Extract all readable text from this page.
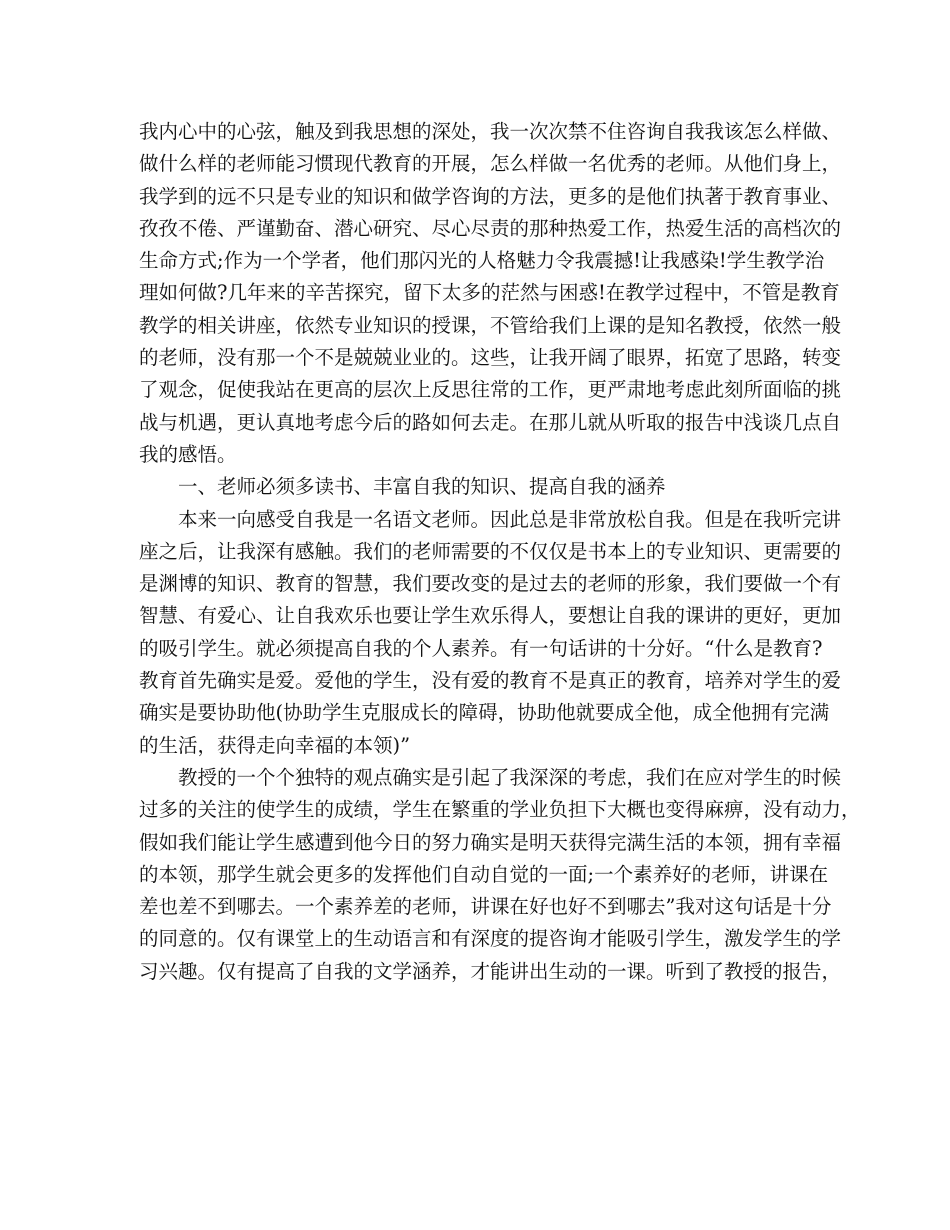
我内心中的心弦，触及到我思想的深处，我一次次禁不住咨询自我我该怎么样做、
做什么样的老师能习惯现代教育的开展，怎么样做一名优秀的老师。从他们身上，
我学到的远不只是专业的知识和做学咨询的方法，更多的是他们执著于教育事业、
孜孜不倦、严谨勤奋、潜心研究、尽心尽责的那种热爱工作，热爱生活的高档次的
生命方式;作为一个学者，他们那闪光的人格魅力令我震撼!让我感染!学生教学治
理如何做?几年来的辛苦探究，留下太多的茫然与困惑!在教学过程中，不管是教育
教学的相关讲座，依然专业知识的授课，不管给我们上课的是知名教授，依然一般
的老师，没有那一个不是兢兢业业的。这些，让我开阔了眼界，拓宽了思路，转变
了观念，促使我站在更高的层次上反思往常的工作，更严肃地考虑此刻所面临的挑
战与机遇，更认真地考虑今后的路如何去走。在那儿就从听取的报告中浅谈几点自
我的感悟。
一、老师必须多读书、丰富自我的知识、提高自我的涵养
本来一向感受自我是一名语文老师。因此总是非常放松自我。但是在我听完讲
座之后，让我深有感触。我们的老师需要的不仅仅是书本上的专业知识、更需要的
是渊博的知识、教育的智慧，我们要改变的是过去的老师的形象，我们要做一个有
智慧、有爱心、让自我欢乐也要让学生欢乐得人，要想让自我的课讲的更好，更加
的吸引学生。就必须提高自我的个人素养。有一句话讲的十分好。“什么是教育?
教育首先确实是爱。爱他的学生，没有爱的教育不是真正的教育，培养对学生的爱
确实是要协助他(协助学生克服成长的障碍，协助他就要成全他，成全他拥有完满
的生活，获得走向幸福的本领)”
教授的一个个独特的观点确实是引起了我深深的考虑，我们在应对学生的时候
过多的关注的使学生的成绩，学生在繁重的学业负担下大概也变得麻痹，没有动力，
假如我们能让学生感遭到他今日的努力确实是明天获得完满生活的本领，拥有幸福
的本领，那学生就会更多的发挥他们自动自觉的一面;一个素养好的老师，讲课在
差也差不到哪去。一个素养差的老师，讲课在好也好不到哪去”我对这句话是十分
的同意的。仅有课堂上的生动语言和有深度的提咨询才能吸引学生，激发学生的学
习兴趣。仅有提高了自我的文学涵养，才能讲出生动的一课。听到了教授的报告，
